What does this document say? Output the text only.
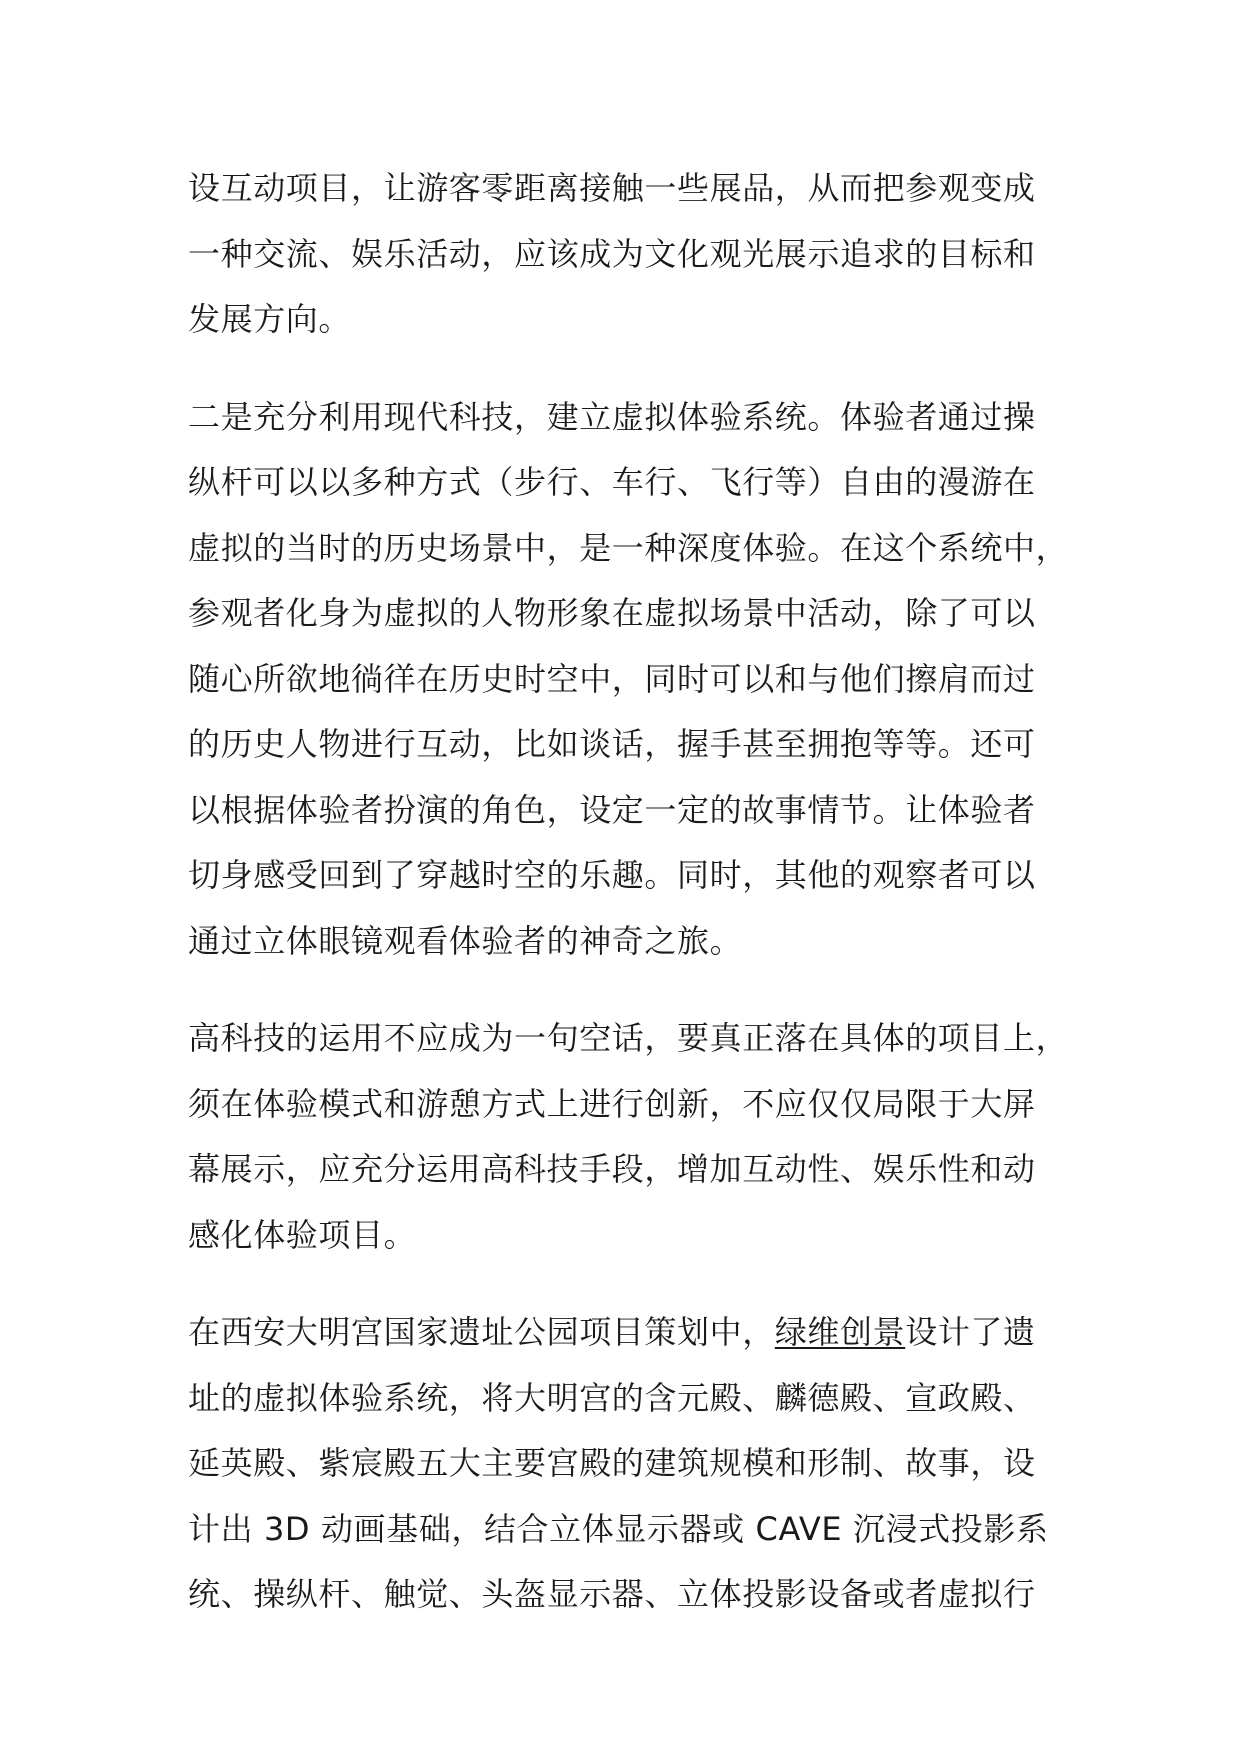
设互动项目，让游客零距离接触一些展品，从而把参观变成
一种交流、娱乐活动，应该成为文化观光展示追求的目标和
发展方向。

二是充分利用现代科技，建立虚拟体验系统。体验者通过操
纵杆可以以多种方式（步行、车行、飞行等）自由的漫游在
虚拟的当时的历史场景中，是一种深度体验。在这个系统中，
参观者化身为虚拟的人物形象在虚拟场景中活动，除了可以
随心所欲地徜徉在历史时空中，同时可以和与他们擦肩而过
的历史人物进行互动，比如谈话，握手甚至拥抱等等。还可
以根据体验者扮演的角色，设定一定的故事情节。让体验者
切身感受回到了穿越时空的乐趣。同时，其他的观察者可以
通过立体眼镜观看体验者的神奇之旅。

高科技的运用不应成为一句空话，要真正落在具体的项目上，
须在体验模式和游憩方式上进行创新，不应仅仅局限于大屏
幕展示，应充分运用高科技手段，增加互动性、娱乐性和动
感化体验项目。

在西安大明宫国家遗址公园项目策划中，绿维创景设计了遗
址的虚拟体验系统，将大明宫的含元殿、麟德殿、宣政殿、
延英殿、紫宸殿五大主要宫殿的建筑规模和形制、故事，设
计出 3D 动画基础，结合立体显示器或 CAVE 沉浸式投影系
统、操纵杆、触觉、头盔显示器、立体投影设备或者虚拟行
